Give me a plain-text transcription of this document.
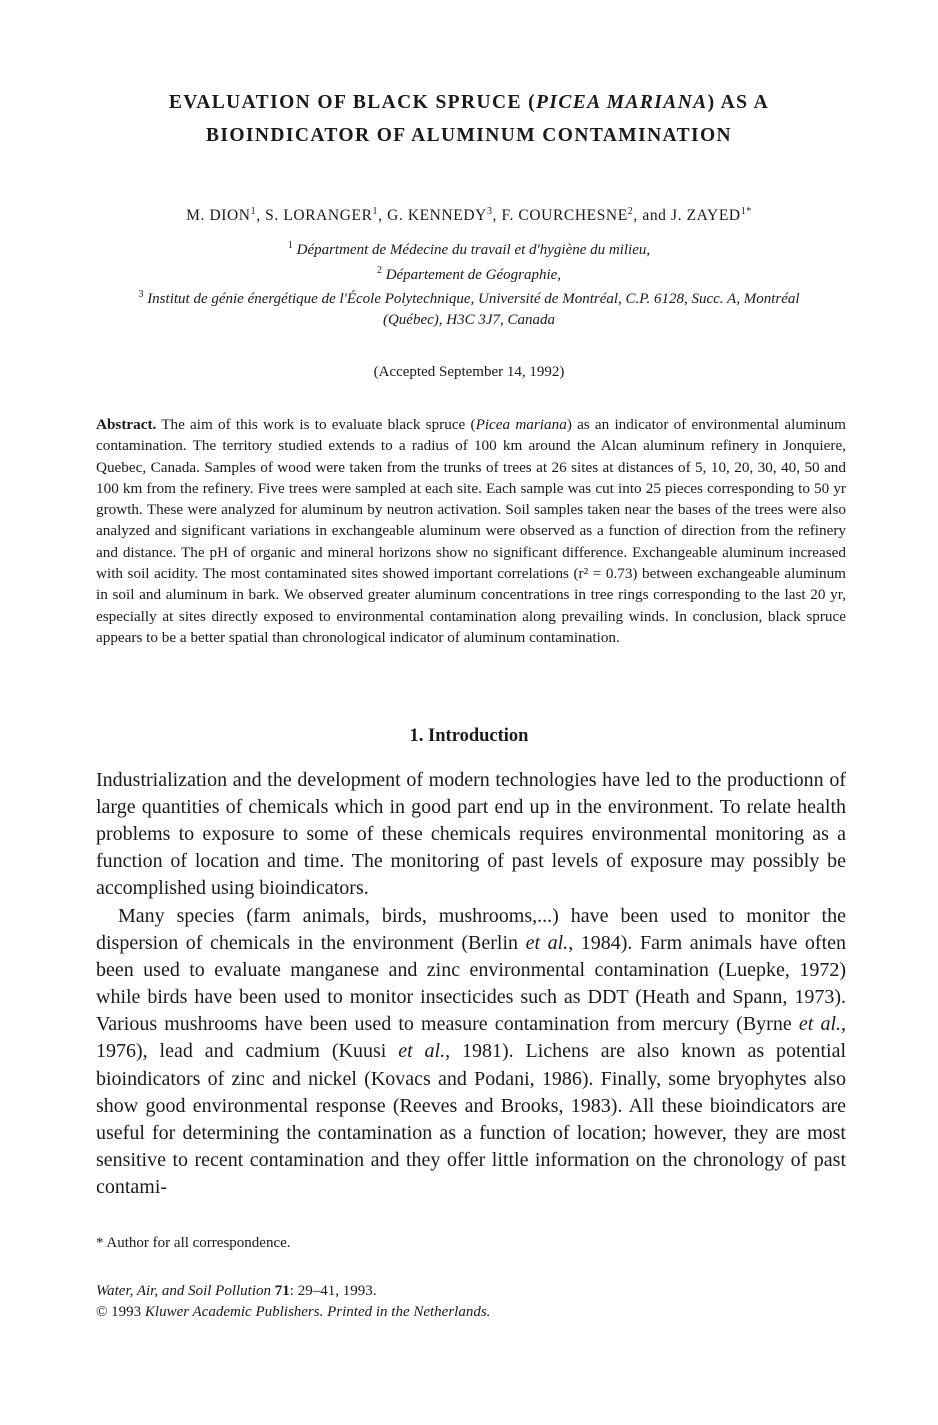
EVALUATION OF BLACK SPRUCE (PICEA MARIANA) AS A
BIOINDICATOR OF ALUMINUM CONTAMINATION
M. DION$^1$, S. LORANGER$^1$, G. KENNEDY$^3$, F. COURCHESNE$^2$, and J. $ZAYED^{1*}$
$^1$ Départment de Médecine du travail et d'hygiène du milieu,
$^2$ Département de Géographie,
$^3$ Institut de génie énergétique de l'École Polytechnique, Université de Montréal, C.P. 6128, Succ. A, Montréal
(Québec), H3C 3J7, Canada
(Accepted September 14, 1992)
Abstract. The aim of this work is to evaluate black spruce (Picea mariana) as an indicator of environmental aluminum contamination. The territory studied extends to a radius of 100 km around the Alcan aluminum refinery in Jonquiere, Quebec, Canada. Samples of wood were taken from the trunks of trees at 26 sites at distances of 5, 10, 20, 30, 40, 50 and 100 km from the refinery. Five trees were sampled at each site. Each sample was cut into 25 pieces corresponding to 50 yr growth. These were analyzed for aluminum by neutron activation. Soil samples taken near the bases of the trees were also analyzed and significant variations in exchangeable aluminum were observed as a function of direction from the refinery and distance. The pH of organic and mineral horizons show no significant difference. Exchangeable aluminum increased with soil acidity. The most contaminated sites showed important correlations (r² = 0.73) between exchangeable aluminum in soil and aluminum in bark. We observed greater aluminum concentrations in tree rings corresponding to the last 20 yr, especially at sites directly exposed to environmental contamination along prevailing winds. In conclusion, black spruce appears to be a better spatial than chronological indicator of aluminum contamination.
1. Introduction
Industrialization and the development of modern technologies have led to the productionn of large quantities of chemicals which in good part end up in the environment. To relate health problems to exposure to some of these chemicals requires environmental monitoring as a function of location and time. The monitoring of past levels of exposure may possibly be accomplished using bioindicators.
Many species (farm animals, birds, mushrooms,...) have been used to monitor the dispersion of chemicals in the environment (Berlin et al., 1984). Farm animals have often been used to evaluate manganese and zinc environmental contamination (Luepke, 1972) while birds have been used to monitor insecticides such as DDT (Heath and Spann, 1973). Various mushrooms have been used to measure contamination from mercury (Byrne et al., 1976), lead and cadmium (Kuusi et al., 1981). Lichens are also known as potential bioindicators of zinc and nickel (Kovacs and Podani, 1986). Finally, some bryophytes also show good environmental response (Reeves and Brooks, 1983). All these bioindicators are useful for determining the contamination as a function of location; however, they are most sensitive to recent contamination and they offer little information on the chronology of past contami-
* Author for all correspondence.
Water, Air, and Soil Pollution 71: 29–41, 1993.
© 1993 Kluwer Academic Publishers. Printed in the Netherlands.
